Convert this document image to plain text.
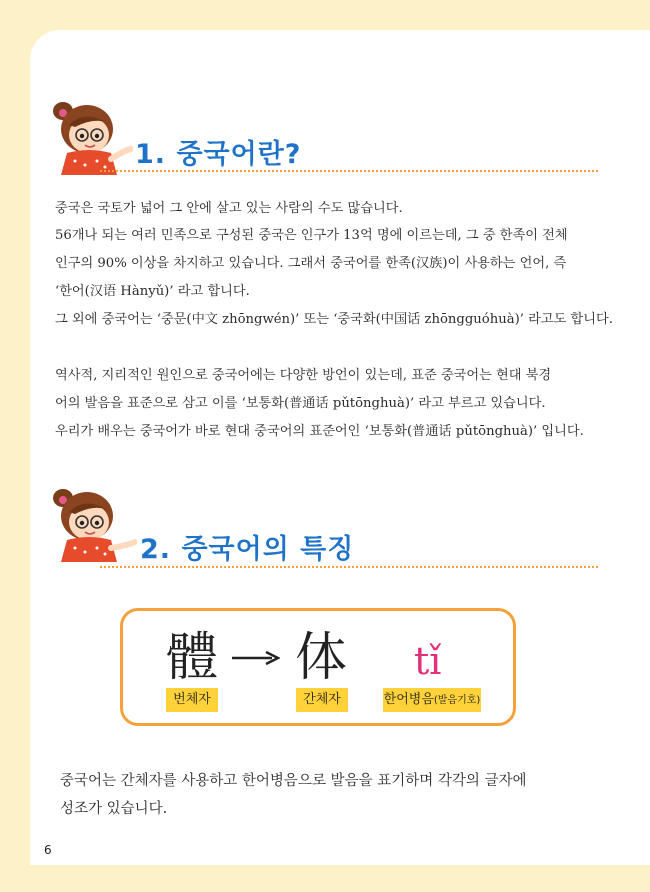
1. 중국어란?
중국은 국토가 넓어 그 안에 살고 있는 사람의 수도 많습니다.
56개나 되는 여러 민족으로 구성된 중국은 인구가 13억 명에 이르는데, 그 중 한족이 전체
인구의 90% 이상을 차지하고 있습니다. 그래서 중국어를 한족(汉族)이 사용하는 언어, 즉
‘한어(汉语 Hànyǔ)’ 라고 합니다.
그 외에 중국어는 ‘중문(中文 zhōngwén)’ 또는 ‘중국화(中国话 zhōngguóhuà)’ 라고도 합니다.
역사적, 지리적인 원인으로 중국어에는 다양한 방언이 있는데, 표준 중국어는 현대 북경
어의 발음을 표준으로 삼고 이를 ‘보통화(普通话 pǔtōnghuà)’ 라고 부르고 있습니다.
우리가 배우는 중국어가 바로 현대 중국어의 표준어인 ‘보통화(普通话 pǔtōnghuà)’ 입니다.
2. 중국어의 특징
體 体 tǐ
번체자	간체자	한어병음(발음기호)
중국어는 간체자를 사용하고 한어병음으로 발음을 표기하며 각각의 글자에
성조가 있습니다.
6
